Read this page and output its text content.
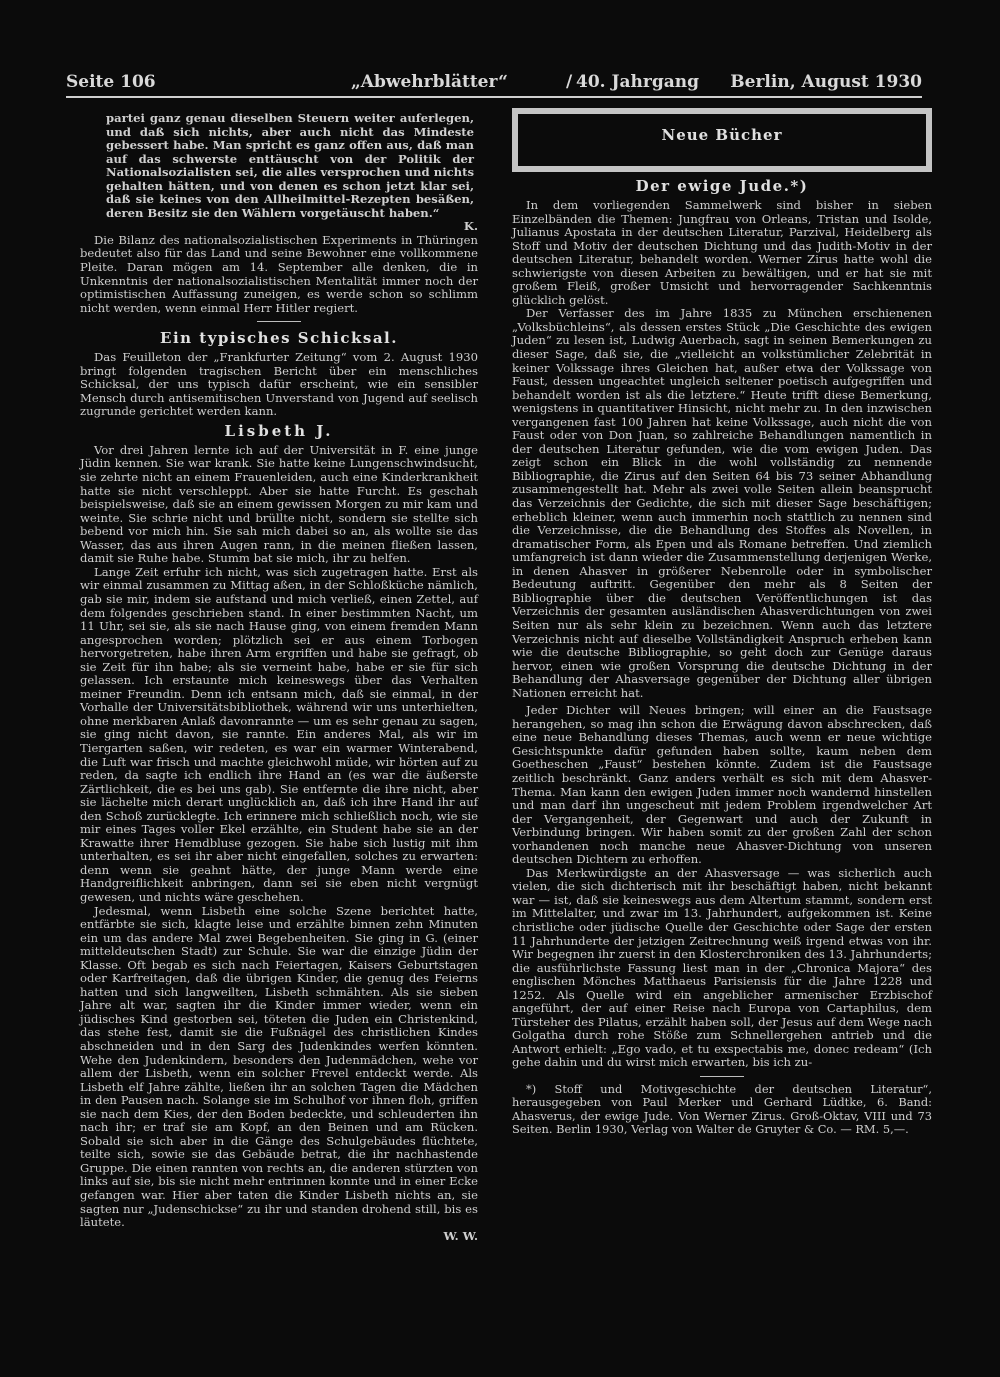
Seite 106	„Abwehrblätter“	/ 40. Jahrgang Berlin, August 1930

partei ganz genau dieselben Steuern weiter auferlegen, und daß sich nichts, aber auch nicht das Mindeste gebessert habe. Man spricht es ganz offen aus, daß man auf das schwerste enttäuscht von der Politik der Nationalsozialisten sei, die alles versprochen und nichts gehalten hätten, und von denen es schon jetzt klar sei, daß sie keines von den Allheilmittel-Rezepten besäßen, deren Besitz sie den Wählern vorgetäuscht haben.“

K.

Die Bilanz des nationalsozialistischen Experiments in Thüringen bedeutet also für das Land und seine Bewohner eine vollkommene Pleite. Daran mögen am 14. September alle denken, die in Unkenntnis der nationalsozialistischen Mentalität immer noch der optimistischen Auffassung zuneigen, es werde schon so schlimm nicht werden, wenn einmal Herr Hitler regiert.

Ein typisches Schicksal.

Das Feuilleton der „Frankfurter Zeitung“ vom 2. August 1930 bringt folgenden tragischen Bericht über ein menschliches Schicksal, der uns typisch dafür erscheint, wie ein sensibler Mensch durch antisemitischen Unverstand von Jugend auf seelisch zugrunde gerichtet werden kann.

Lisbeth J.

Vor drei Jahren lernte ich auf der Universität in F. eine junge Jüdin kennen. Sie war krank. Sie hatte keine Lungenschwindsucht, sie zehrte nicht an einem Frauenleiden, auch eine Kinderkrankheit hatte sie nicht verschleppt. Aber sie hatte Furcht. Es geschah beispielsweise, daß sie an einem gewissen Morgen zu mir kam und weinte. Sie schrie nicht und brüllte nicht, sondern sie stellte sich bebend vor mich hin. Sie sah mich dabei so an, als wollte sie das Wasser, das aus ihren Augen rann, in die meinen fließen lassen, damit sie Ruhe habe. Stumm bat sie mich, ihr zu helfen.

Lange Zeit erfuhr ich nicht, was sich zugetragen hatte. Erst als wir einmal zusammen zu Mittag aßen, in der Schloßküche nämlich, gab sie mir, indem sie aufstand und mich verließ, einen Zettel, auf dem folgendes geschrieben stand. In einer bestimmten Nacht, um 11 Uhr, sei sie, als sie nach Hause ging, von einem fremden Mann angesprochen worden; plötzlich sei er aus einem Torbogen hervorgetreten, habe ihren Arm ergriffen und habe sie gefragt, ob sie Zeit für ihn habe; als sie verneint habe, habe er sie für sich gelassen. Ich erstaunte mich keineswegs über das Verhalten meiner Freundin. Denn ich entsann mich, daß sie einmal, in der Vorhalle der Universitätsbibliothek, während wir uns unterhielten, ohne merkbaren Anlaß davonrannte — um es sehr genau zu sagen, sie ging nicht davon, sie rannte. Ein anderes Mal, als wir im Tiergarten saßen, wir redeten, es war ein warmer Winterabend, die Luft war frisch und machte gleichwohl müde, wir hörten auf zu reden, da sagte ich endlich ihre Hand an (es war die äußerste Zärtlichkeit, die es bei uns gab). Sie entfernte die ihre nicht, aber sie lächelte mich derart unglücklich an, daß ich ihre Hand ihr auf den Schoß zurücklegte. Ich erinnere mich schließlich noch, wie sie mir eines Tages voller Ekel erzählte, ein Student habe sie an der Krawatte ihrer Hemdbluse gezogen. Sie habe sich lustig mit ihm unterhalten, es sei ihr aber nicht eingefallen, solches zu erwarten: denn wenn sie geahnt hätte, der junge Mann werde eine Handgreiflichkeit anbringen, dann sei sie eben nicht vergnügt gewesen, und nichts wäre geschehen.

Jedesmal, wenn Lisbeth eine solche Szene berichtet hatte, entfärbte sie sich, klagte leise und erzählte binnen zehn Minuten ein um das andere Mal zwei Begebenheiten. Sie ging in G. (einer mitteldeutschen Stadt) zur Schule. Sie war die einzige Jüdin der Klasse. Oft begab es sich nach Feiertagen, Kaisers Geburtstagen oder Karfreitagen, daß die übrigen Kinder, die genug des Feierns hatten und sich langweilten, Lisbeth schmähten. Als sie sieben Jahre alt war, sagten ihr die Kinder immer wieder, wenn ein jüdisches Kind gestorben sei, töteten die Juden ein Christenkind, das stehe fest, damit sie die Fußnägel des christlichen Kindes abschneiden und in den Sarg des Judenkindes werfen könnten. Wehe den Judenkindern, besonders den Judenmädchen, wehe vor allem der Lisbeth, wenn ein solcher Frevel entdeckt werde. Als Lisbeth elf Jahre zählte, ließen ihr an solchen Tagen die Mädchen in den Pausen nach. Solange sie im Schulhof vor ihnen floh, griffen sie nach dem Kies, der den Boden bedeckte, und schleuderten ihn nach ihr; er traf sie am Kopf, an den Beinen und am Rücken. Sobald sie sich aber in die Gänge des Schulgebäudes flüchtete, teilte sich, sowie sie das Gebäude betrat, die ihr nachhastende Gruppe. Die einen rannten von rechts an, die anderen stürzten von links auf sie, bis sie nicht mehr entrinnen konnte und in einer Ecke gefangen war. Hier aber taten die Kinder Lisbeth nichts an, sie sagten nur „Judenschickse“ zu ihr und standen drohend still, bis es läutete.

W. W.

Neue Bücher
Der ewige Jude.*)

In dem vorliegenden Sammelwerk sind bisher in sieben Einzelbänden die Themen: Jungfrau von Orleans, Tristan und Isolde, Julianus Apostata in der deutschen Literatur, Parzival, Heidelberg als Stoff und Motiv der deutschen Dichtung und das Judith-Motiv in der deutschen Literatur, behandelt worden. Werner Zirus hatte wohl die schwierigste von diesen Arbeiten zu bewältigen, und er hat sie mit großem Fleiß, großer Umsicht und hervorragender Sachkenntnis glücklich gelöst.

Der Verfasser des im Jahre 1835 zu München erschienenen „Volksbüchleins“, als dessen erstes Stück „Die Geschichte des ewigen Juden“ zu lesen ist, Ludwig Auerbach, sagt in seinen Bemerkungen zu dieser Sage, daß sie, die „vielleicht an volkstümlicher Zelebrität in keiner Volkssage ihres Gleichen hat, außer etwa der Volkssage von Faust, dessen ungeachtet ungleich seltener poetisch aufgegriffen und behandelt worden ist als die letztere.“ Heute trifft diese Bemerkung, wenigstens in quantitativer Hinsicht, nicht mehr zu. In den inzwischen vergangenen fast 100 Jahren hat keine Volkssage, auch nicht die von Faust oder von Don Juan, so zahlreiche Behandlungen namentlich in der deutschen Literatur gefunden, wie die vom ewigen Juden. Das zeigt schon ein Blick in die wohl vollständig zu nennende Bibliographie, die Zirus auf den Seiten 64 bis 73 seiner Abhandlung zusammengestellt hat. Mehr als zwei volle Seiten allein beansprucht das Verzeichnis der Gedichte, die sich mit dieser Sage beschäftigen; erheblich kleiner, wenn auch immerhin noch stattlich zu nennen sind die Verzeichnisse, die die Behandlung des Stoffes als Novellen, in dramatischer Form, als Epen und als Romane betreffen. Und ziemlich umfangreich ist dann wieder die Zusammenstellung derjenigen Werke, in denen Ahasver in größerer Nebenrolle oder in symbolischer Bedeutung auftritt. Gegenüber den mehr als 8 Seiten der Bibliographie über die deutschen Veröffentlichungen ist das Verzeichnis der gesamten ausländischen Ahasverdichtungen von zwei Seiten nur als sehr klein zu bezeichnen. Wenn auch das letztere Verzeichnis nicht auf dieselbe Vollständigkeit Anspruch erheben kann wie die deutsche Bibliographie, so geht doch zur Genüge daraus hervor, einen wie großen Vorsprung die deutsche Dichtung in der Behandlung der Ahasversage gegenüber der Dichtung aller übrigen Nationen erreicht hat.

Jeder Dichter will Neues bringen; will einer an die Faustsage herangehen, so mag ihn schon die Erwägung davon abschrecken, daß eine neue Behandlung dieses Themas, auch wenn er neue wichtige Gesichtspunkte dafür gefunden haben sollte, kaum neben dem Goetheschen „Faust“ bestehen könnte. Zudem ist die Faustsage zeitlich beschränkt. Ganz anders verhält es sich mit dem Ahasver-Thema. Man kann den ewigen Juden immer noch wandernd hinstellen und man darf ihn ungescheut mit jedem Problem irgendwelcher Art der Vergangenheit, der Gegenwart und auch der Zukunft in Verbindung bringen. Wir haben somit zu der großen Zahl der schon vorhandenen noch manche neue Ahasver-Dichtung von unseren deutschen Dichtern zu erhoffen.

Das Merkwürdigste an der Ahasversage — was sicherlich auch vielen, die sich dichterisch mit ihr beschäftigt haben, nicht bekannt war — ist, daß sie keineswegs aus dem Altertum stammt, sondern erst im Mittelalter, und zwar im 13. Jahrhundert, aufgekommen ist. Keine christliche oder jüdische Quelle der Geschichte oder Sage der ersten 11 Jahrhunderte der jetzigen Zeitrechnung weiß irgend etwas von ihr. Wir begegnen ihr zuerst in den Klosterchroniken des 13. Jahrhunderts; die ausführlichste Fassung liest man in der „Chronica Majora“ des englischen Mönches Matthaeus Parisiensis für die Jahre 1228 und 1252. Als Quelle wird ein angeblicher armenischer Erzbischof angeführt, der auf einer Reise nach Europa von Cartaphilus, dem Türsteher des Pilatus, erzählt haben soll, der Jesus auf dem Wege nach Golgatha durch rohe Stöße zum Schnellergehen antrieb und die Antwort erhielt: „Ego vado, et tu exspectabis me, donec redeam“ (Ich gehe dahin und du wirst mich erwarten, bis ich zu-

*) Stoff und Motivgeschichte der deutschen Literatur“, herausgegeben von Paul Merker und Gerhard Lüdtke, 6. Band: Ahasverus, der ewige Jude. Von Werner Zirus. Groß-Oktav, VIII und 73 Seiten. Berlin 1930, Verlag von Walter de Gruyter & Co. — RM. 5,—.
